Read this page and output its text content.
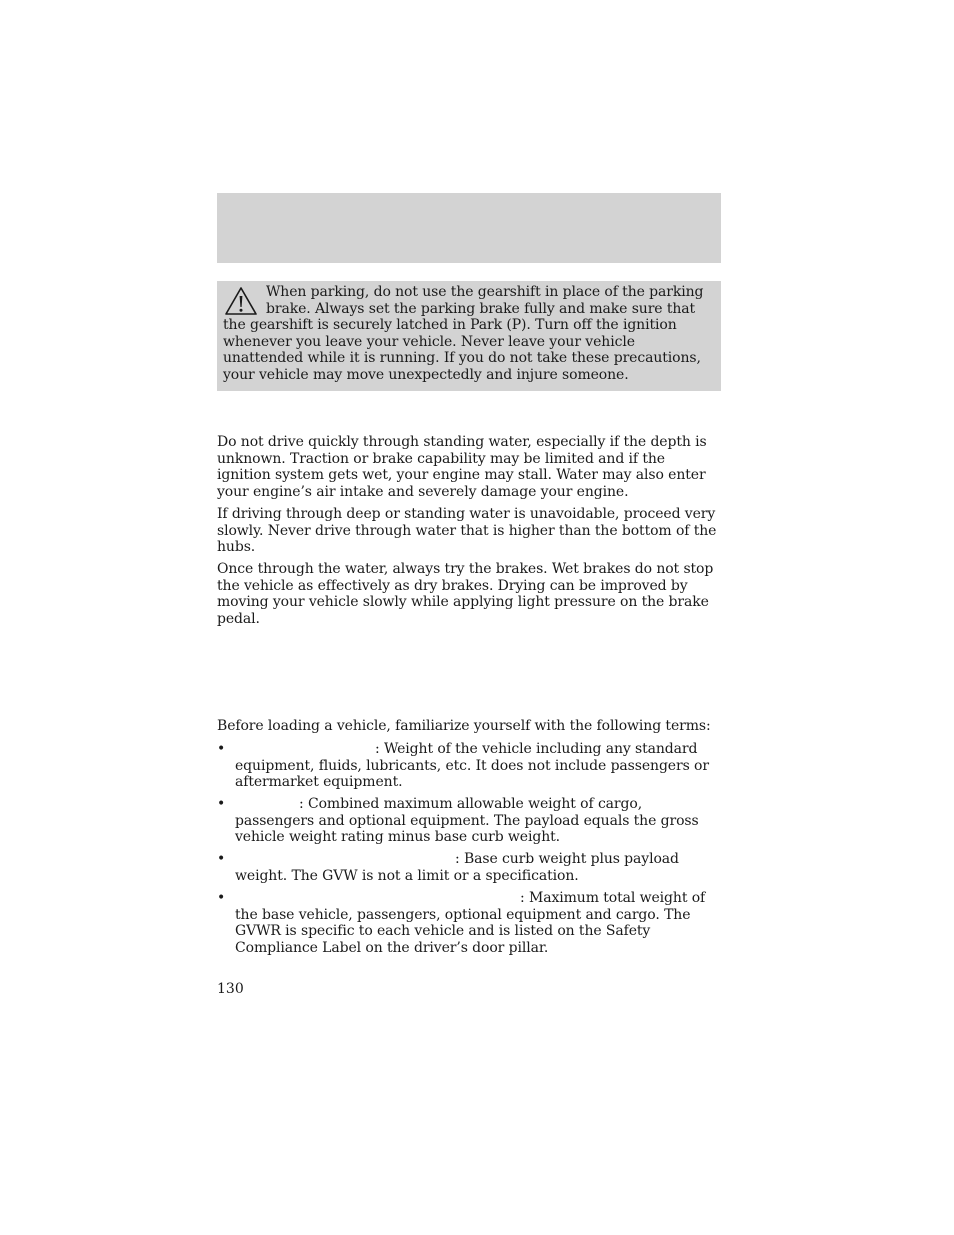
When parking, do not use the gearshift in place of the parking brake. Always set the parking brake fully and make sure that the gearshift is securely latched in Park (P). Turn off the ignition whenever you leave your vehicle. Never leave your vehicle unattended while it is running. If you do not take these precautions, your vehicle may move unexpectedly and injure someone.

Do not drive quickly through standing water, especially if the depth is unknown. Traction or brake capability may be limited and if the ignition system gets wet, your engine may stall. Water may also enter your engine’s air intake and severely damage your engine.

If driving through deep or standing water is unavoidable, proceed very slowly. Never drive through water that is higher than the bottom of the hubs.

Once through the water, always try the brakes. Wet brakes do not stop the vehicle as effectively as dry brakes. Drying can be improved by moving your vehicle slowly while applying light pressure on the brake pedal.

Before loading a vehicle, familiarize yourself with the following terms:

•	: Weight of the vehicle including any standard equipment, fluids, lubricants, etc. It does not include passengers or aftermarket equipment.
•	: Combined maximum allowable weight of cargo, passengers and optional equipment. The payload equals the gross vehicle weight rating minus base curb weight.
•	: Base curb weight plus payload weight. The GVW is not a limit or a specification.
•	: Maximum total weight of the base vehicle, passengers, optional equipment and cargo. The GVWR is specific to each vehicle and is listed on the Safety Compliance Label on the driver’s door pillar.

130
